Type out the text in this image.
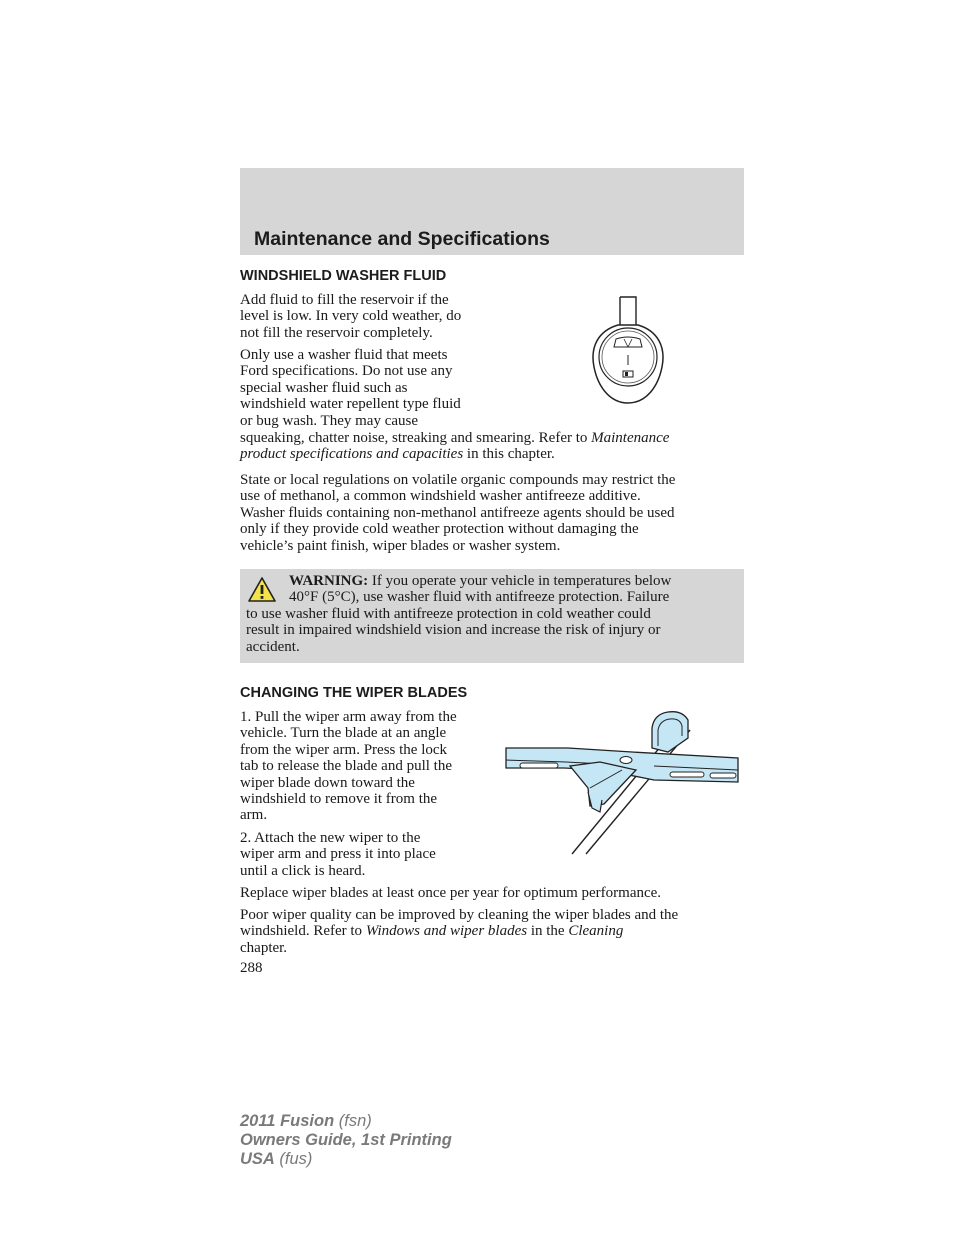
Maintenance and Specifications
WINDSHIELD WASHER FLUID
Add fluid to fill the reservoir if the
level is low. In very cold weather, do
not fill the reservoir completely.
Only use a washer fluid that meets
Ford specifications. Do not use any
special washer fluid such as
windshield water repellent type fluid
or bug wash. They may cause
squeaking, chatter noise, streaking and smearing. Refer to Maintenance
product specifications and capacities in this chapter.
State or local regulations on volatile organic compounds may restrict the
use of methanol, a common windshield washer antifreeze additive.
Washer fluids containing non-methanol antifreeze agents should be used
only if they provide cold weather protection without damaging the
vehicle’s paint finish, wiper blades or washer system.
WARNING: If you operate your vehicle in temperatures below
40°F (5°C), use washer fluid with antifreeze protection. Failure
to use washer fluid with antifreeze protection in cold weather could
result in impaired windshield vision and increase the risk of injury or
accident.
CHANGING THE WIPER BLADES
1. Pull the wiper arm away from the
vehicle. Turn the blade at an angle
from the wiper arm. Press the lock
tab to release the blade and pull the
wiper blade down toward the
windshield to remove it from the
arm.
2. Attach the new wiper to the
wiper arm and press it into place
until a click is heard.
Replace wiper blades at least once per year for optimum performance.
Poor wiper quality can be improved by cleaning the wiper blades and the
windshield. Refer to Windows and wiper blades in the Cleaning
chapter.
288
2011 Fusion (fsn)
Owners Guide, 1st Printing
USA (fus)
